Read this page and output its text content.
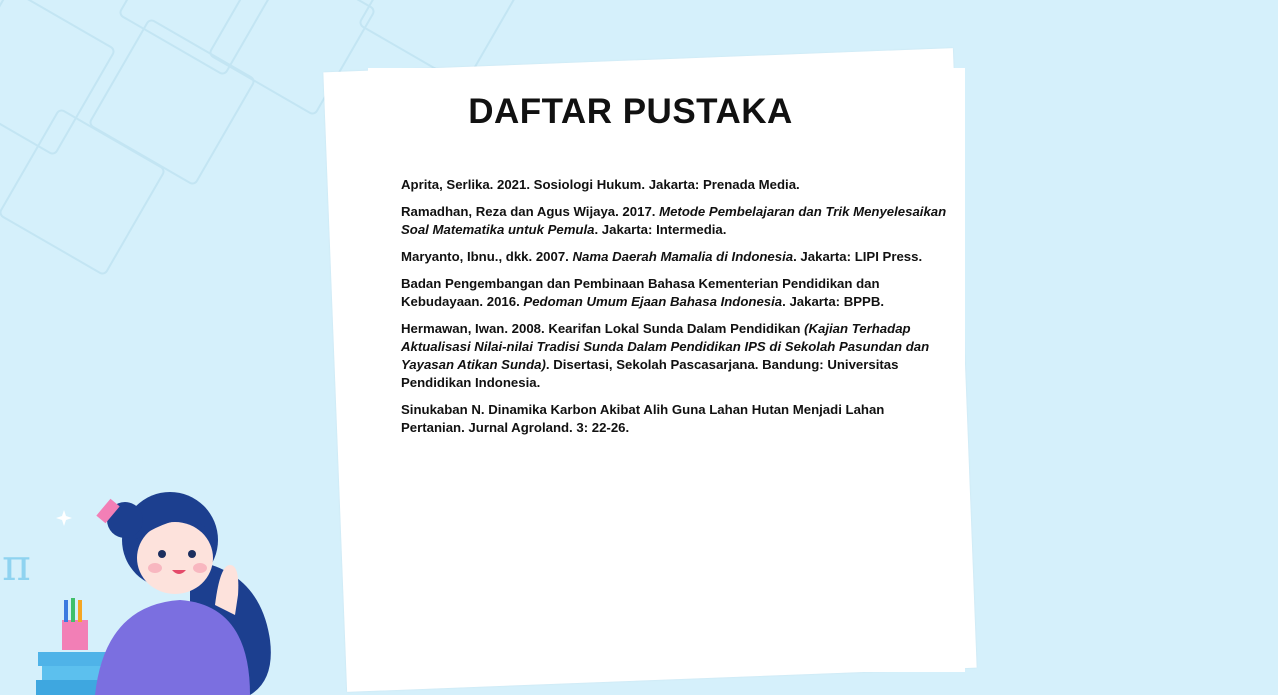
DAFTAR PUSTAKA

Aprita, Serlika. 2021. Sosiologi Hukum. Jakarta: Prenada Media.

Ramadhan, Reza dan Agus Wijaya. 2017. Metode Pembelajaran dan Trik Menyelesaikan Soal Matematika untuk Pemula. Jakarta: Intermedia.

Maryanto, Ibnu., dkk. 2007. Nama Daerah Mamalia di Indonesia. Jakarta: LIPI Press.

Badan Pengembangan dan Pembinaan Bahasa Kementerian Pendidikan dan Kebudayaan. 2016. Pedoman Umum Ejaan Bahasa Indonesia. Jakarta: BPPB.

Hermawan, Iwan. 2008. Kearifan Lokal Sunda Dalam Pendidikan (Kajian Terhadap Aktualisasi Nilai-nilai Tradisi Sunda Dalam Pendidikan IPS di Sekolah Pasundan dan Yayasan Atikan Sunda). Disertasi, Sekolah Pascasarjana. Bandung: Universitas Pendidikan Indonesia.

Sinukaban N. Dinamika Karbon Akibat Alih Guna Lahan Hutan Menjadi Lahan Pertanian. Jurnal Agroland. 3: 22-26.

π
